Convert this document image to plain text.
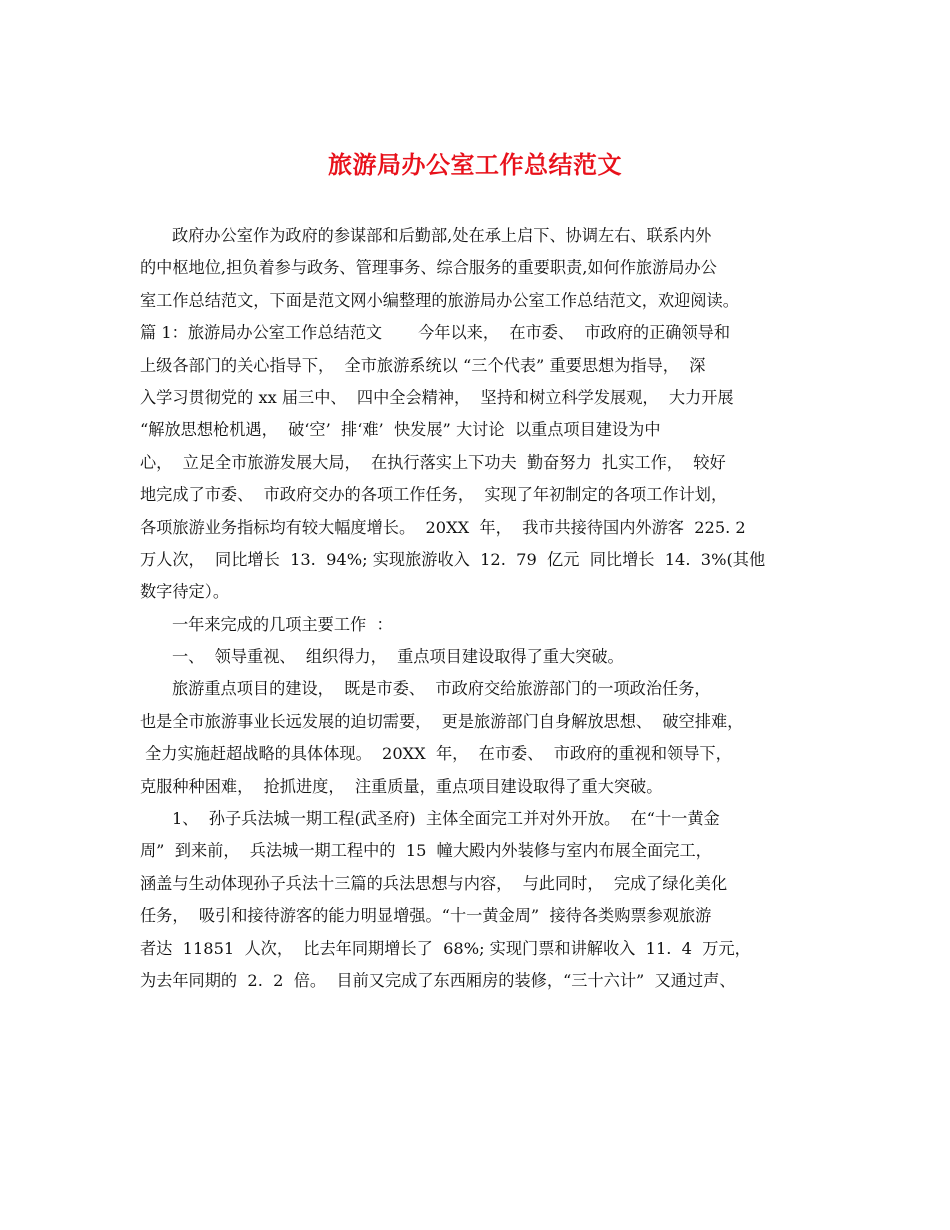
旅游局办公室工作总结范文
政府办公室作为政府的参谋部和后勤部,处在承上启下、协调左右、联系内外
的中枢地位,担负着参与政务、管理事务、综合服务的重要职责,如何作旅游局办公
室工作总结范文，下面是范文网小编整理的旅游局办公室工作总结范文，欢迎阅读。
篇 1：旅游局办公室工作总结范文       今年以来，  在市委、  市政府的正确领导和
上级各部门的关心指导下，  全市旅游系统以 “三个代表” 重要思想为指导，  深
入学习贯彻党的 xx 届三中、  四中全会精神，  坚持和树立科学发展观，  大力开展
“解放思想枪机遇，  破‘空’  排‘难’  快发展” 大讨论  以重点项目建设为中
心，  立足全市旅游发展大局，  在执行落实上下功夫  勤奋努力  扎实工作，  较好
地完成了市委、  市政府交办的各项工作任务，  实现了年初制定的各项工作计划，
各项旅游业务指标均有较大幅度增长。  20XX  年，  我市共接待国内外游客  225. 2
万人次，  同比增长  13.  94%; 实现旅游收入  12.  79  亿元  同比增长  14.  3%(其他
数字待定）。
一年来完成的几项主要工作  ：
一、  领导重视、  组织得力，  重点项目建设取得了重大突破。
旅游重点项目的建设，  既是市委、  市政府交给旅游部门的一项政治任务，
也是全市旅游事业长远发展的迫切需要，  更是旅游部门自身解放思想、  破空排难，
全力实施赶超战略的具体体现。  20XX  年，  在市委、  市政府的重视和领导下，
克服种种困难，  抢抓进度，  注重质量，重点项目建设取得了重大突破。
1、  孙子兵法城一期工程(武圣府)  主体全面完工并对外开放。  在“十一黄金
周”  到来前，  兵法城一期工程中的  15  幢大殿内外装修与室内布展全面完工，
涵盖与生动体现孙子兵法十三篇的兵法思想与内容，  与此同时，  完成了绿化美化
任务，  吸引和接待游客的能力明显增强。“十一黄金周”  接待各类购票参观旅游
者达  11851  人次，  比去年同期增长了  68%; 实现门票和讲解收入  11.  4  万元，
为去年同期的  2.  2  倍。  目前又完成了东西厢房的装修，“三十六计”  又通过声、
